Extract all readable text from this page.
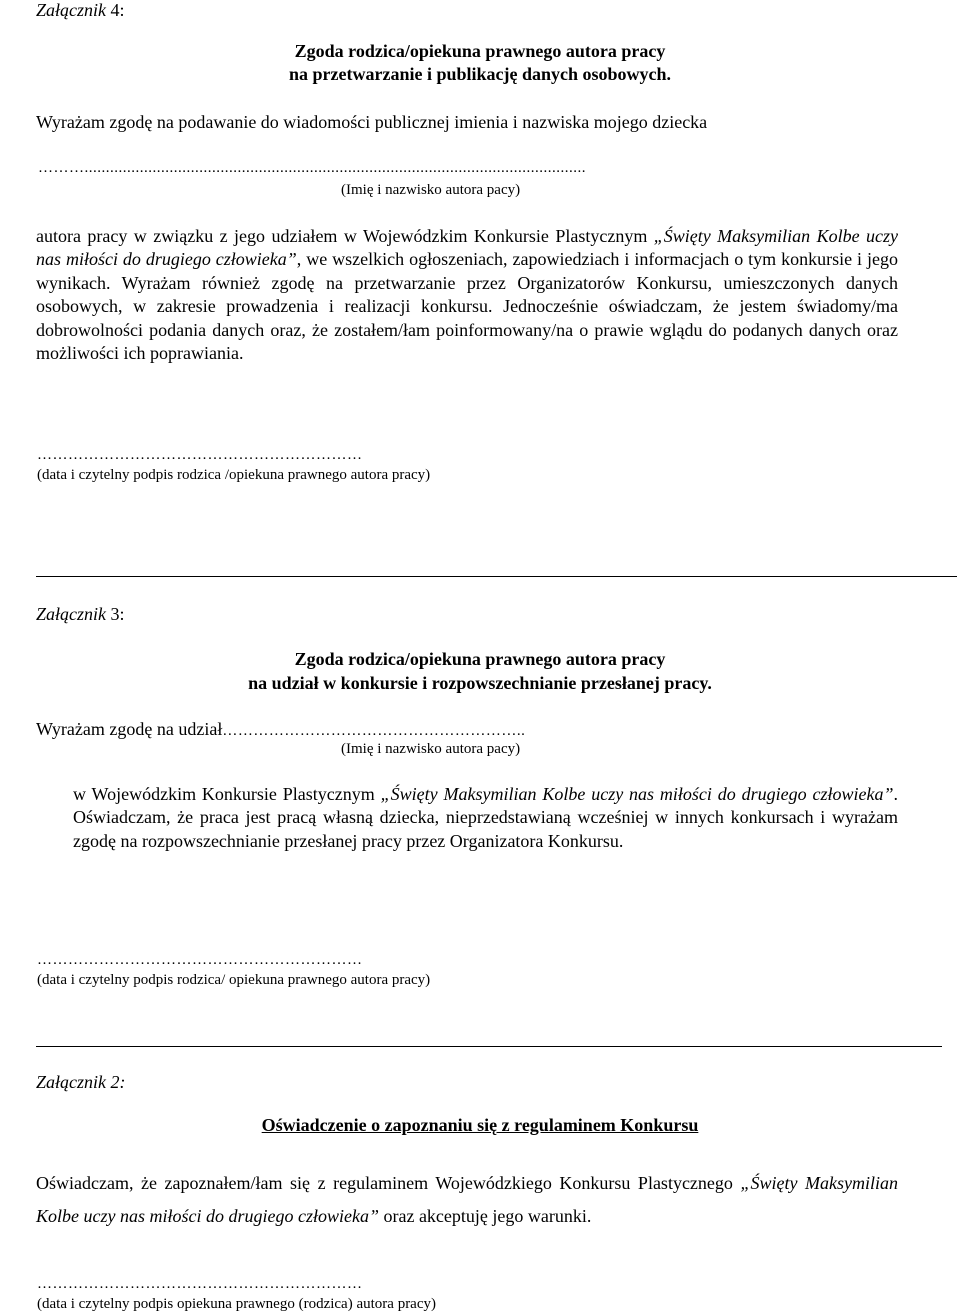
Załącznik 4:
Zgoda rodzica/opiekuna prawnego autora pracy
na przetwarzanie i publikację danych osobowych.
Wyrażam zgodę na podawanie do wiadomości publicznej imienia i nazwiska mojego dziecka
………......................................................................................................................
(Imię i nazwisko autora pacy)
autora pracy w związku z jego udziałem w Wojewódzkim Konkursie Plastycznym „Święty Maksymilian Kolbe uczy nas miłości do drugiego człowieka”, we wszelkich ogłoszeniach, zapowiedziach i informacjach o tym konkursie i jego wynikach. Wyrażam również zgodę na przetwarzanie przez Organizatorów Konkursu, umieszczonych danych osobowych, w zakresie prowadzenia i realizacji konkursu. Jednocześnie oświadczam, że jestem świadomy/ma dobrowolności podania danych oraz, że zostałem/łam poinformowany/na o prawie wglądu do podanych danych oraz możliwości ich poprawiania.
………………………………………………………
(data i czytelny podpis rodzica /opiekuna prawnego autora pracy)
Załącznik 3:
Zgoda rodzica/opiekuna prawnego autora pracy
na udział w konkursie i rozpowszechnianie przesłanej pracy.
Wyrażam zgodę na udział…………………………………………………..
(Imię i nazwisko autora pacy)
w Wojewódzkim Konkursie Plastycznym „Święty Maksymilian Kolbe uczy nas miłości do drugiego człowieka”. Oświadczam, że praca jest pracą własną dziecka, nieprzedstawianą wcześniej w innych konkursach i wyrażam zgodę na rozpowszechnianie przesłanej pracy przez Organizatora Konkursu.
………………………………………………………
(data i czytelny podpis rodzica/ opiekuna prawnego autora pracy)
Załącznik 2:
Oświadczenie o zapoznaniu się z regulaminem Konkursu
Oświadczam, że zapoznałem/łam się z regulaminem Wojewódzkiego Konkursu Plastycznego „Święty Maksymilian Kolbe uczy nas miłości do drugiego człowieka” oraz akceptuję jego warunki.
………………………………………………………
(data i czytelny podpis opiekuna prawnego (rodzica) autora pracy)
